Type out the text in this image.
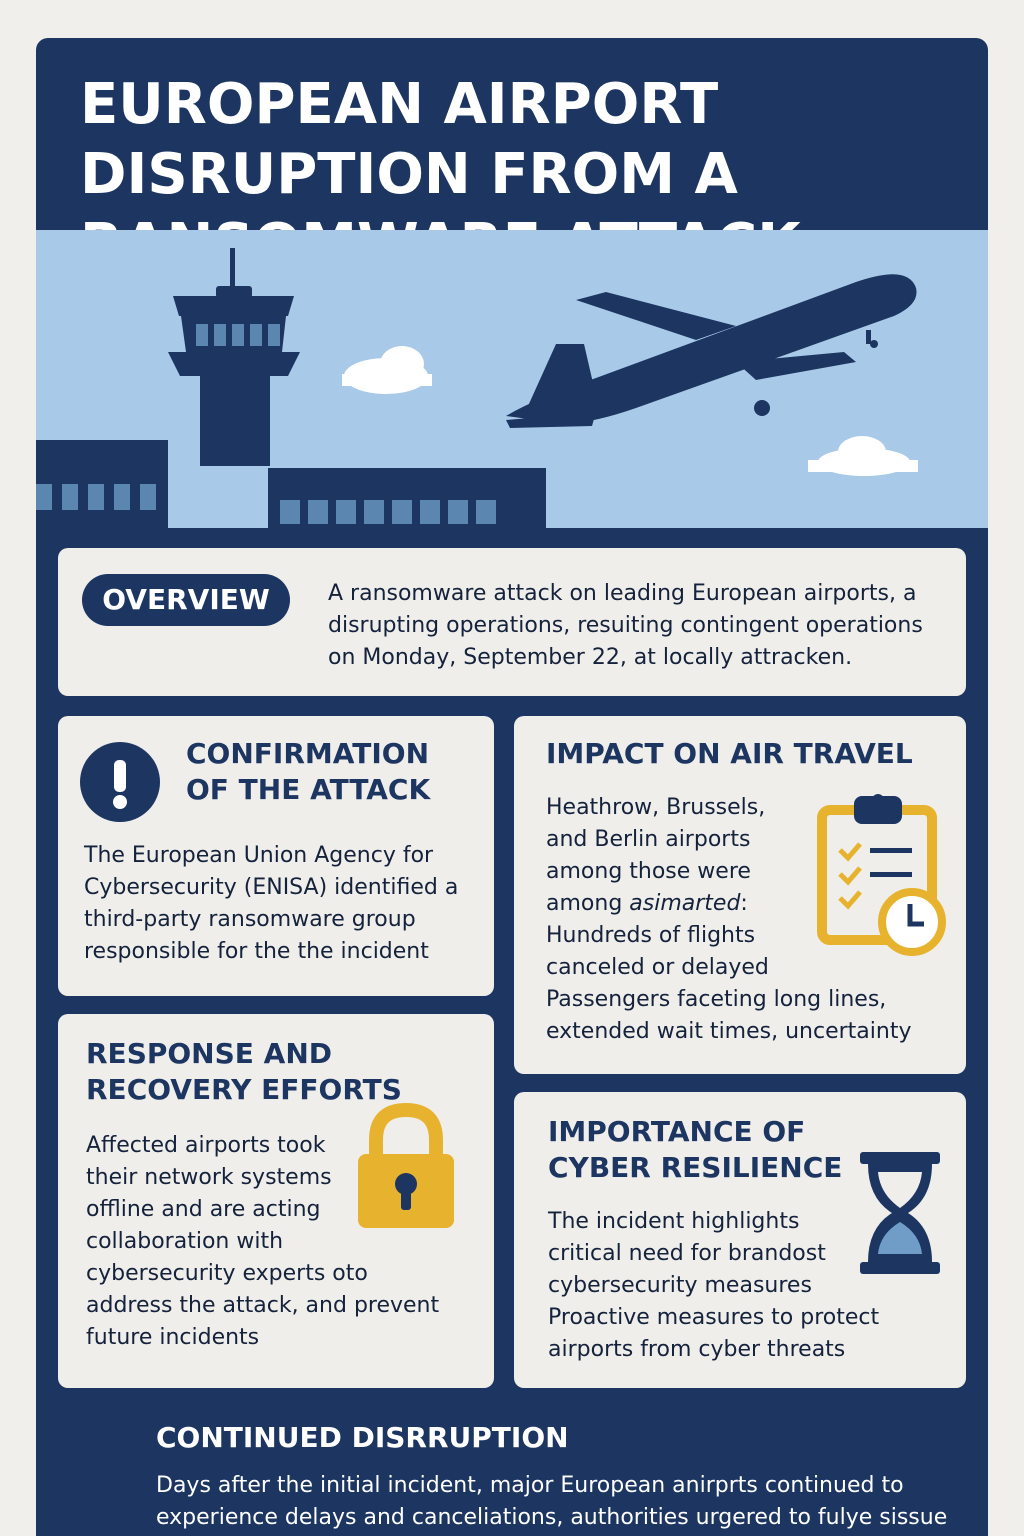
EUROPEAN AIRPORT DISRUPTION FROM A
OVERVIEW	A ransomware attack on leading European airports, a disrupting operations, resuiting contingent operations on Monday, September 22, at locally attracken.

CONFIRMATION OF THE ATTACK

The European Union Agency for Cybersecurity (ENISA) identified a third-party ransomware group responsible for the the incident

IMPACT ON AIR TRAVEL

Heathrow, Brussels,
and Berlin airports
among those were
among asimarted:
Hundreds of flights
canceled or delayed
Passengers faceting long lines,
extended wait times, uncertainty

RESPONSE AND RECOVERY EFFORTS

Affected airports took
their network systems
offline and are acting
collaboration with
cybersecurity experts oto
address the attack, and prevent
future incidents

IMPORTANCE OF CYBER RESILIENCE

The incident highlights
critical need for brandost
cybersecurity measures
Proactive measures to protect
airports from cyber threats

CONTINUED DISRRUPTION

Days after the initial incident, major European anirprts continued to experience delays and canceliations, authorities urgered to fulye sissue
